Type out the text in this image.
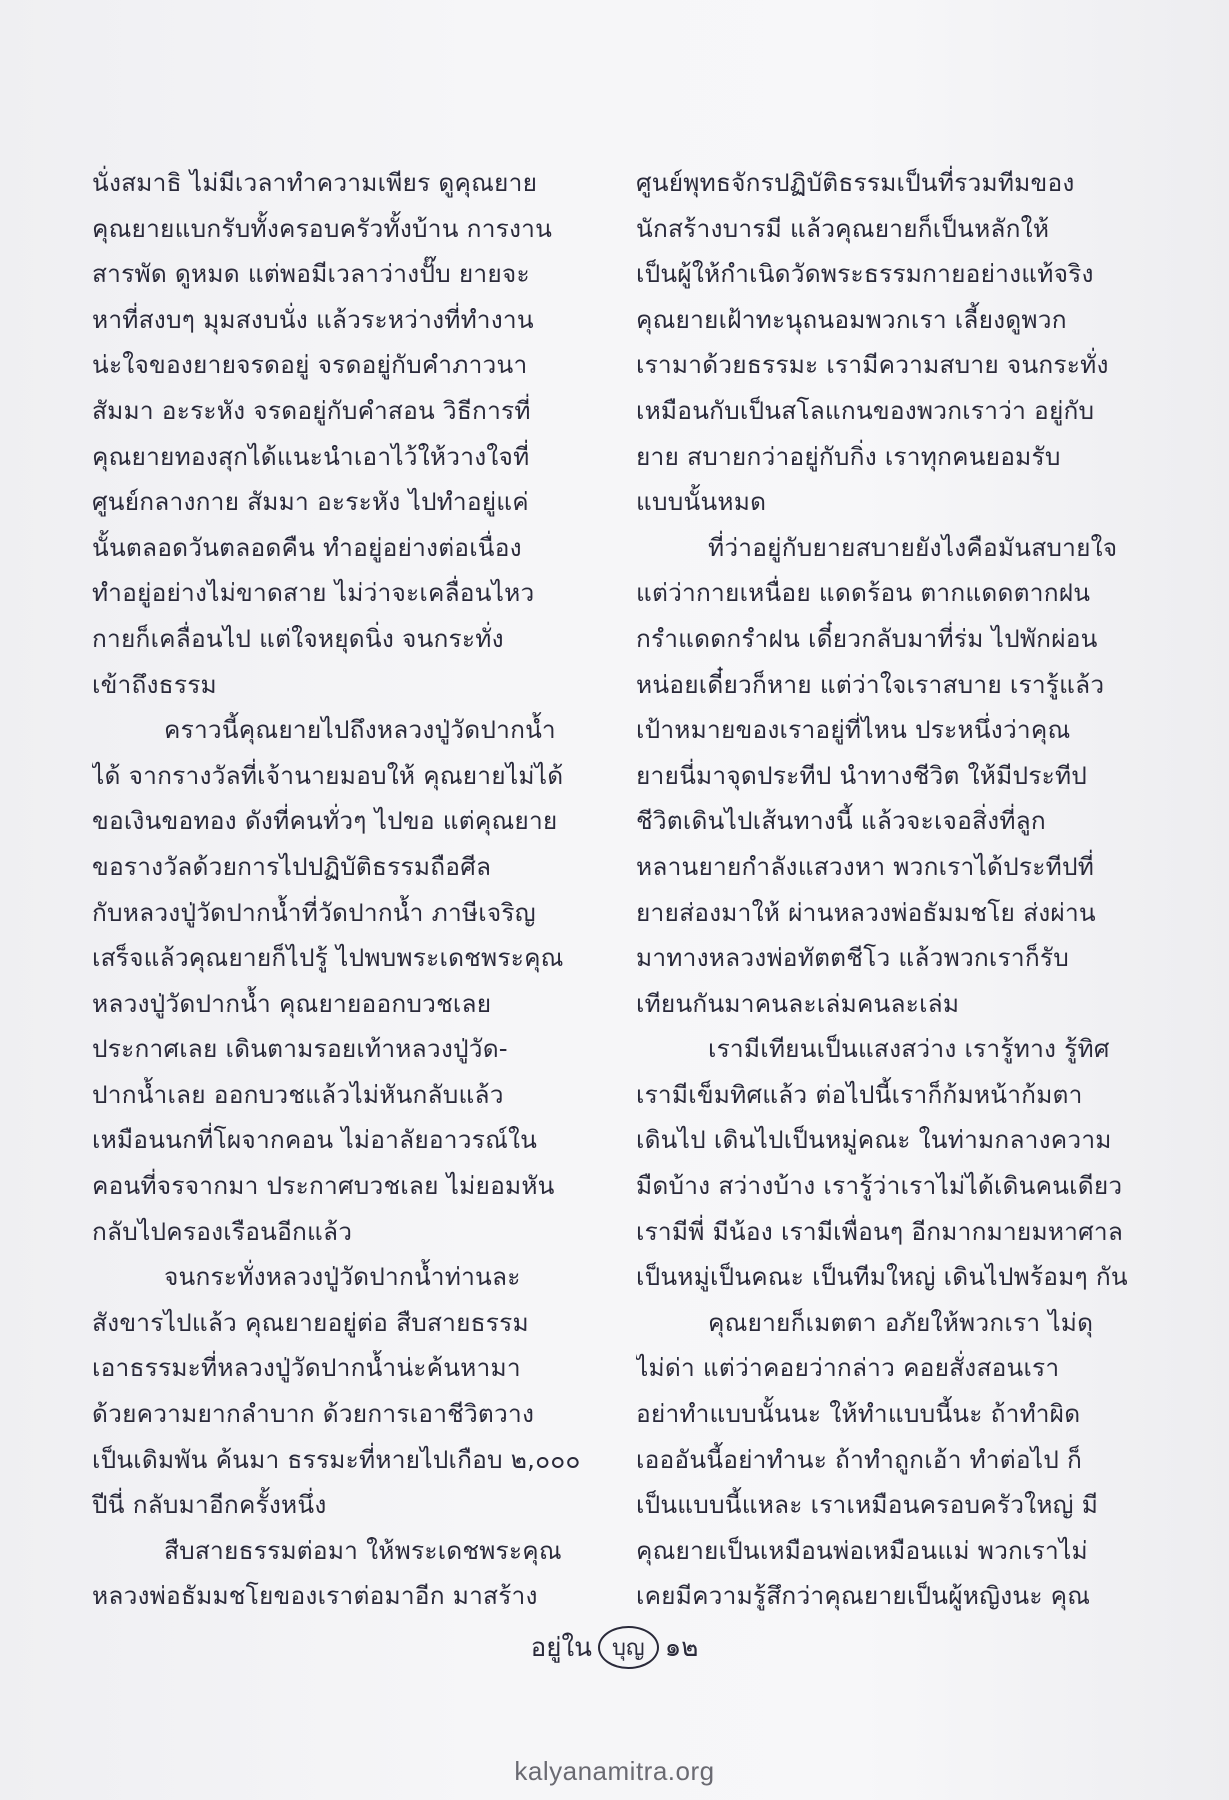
นั่งสมาธิ ไม่มีเวลาทำความเพียร ดูคุณยาย
คุณยายแบกรับทั้งครอบครัวทั้งบ้าน การงาน
สารพัด ดูหมด แต่พอมีเวลาว่างปั๊บ ยายจะ
หาที่สงบๆ มุมสงบนั่ง แล้วระหว่างที่ทำงาน
น่ะใจของยายจรดอยู่ จรดอยู่กับคำภาวนา
สัมมา อะระหัง จรดอยู่กับคำสอน วิธีการที่
คุณยายทองสุกได้แนะนำเอาไว้ให้วางใจที่
ศูนย์กลางกาย สัมมา อะระหัง ไปทำอยู่แค่
นั้นตลอดวันตลอดคืน ทำอยู่อย่างต่อเนื่อง
ทำอยู่อย่างไม่ขาดสาย ไม่ว่าจะเคลื่อนไหว
กายก็เคลื่อนไป แต่ใจหยุดนิ่ง จนกระทั่ง
เข้าถึงธรรม
คราวนี้คุณยายไปถึงหลวงปู่วัดปากน้ำ
ได้ จากรางวัลที่เจ้านายมอบให้ คุณยายไม่ได้
ขอเงินขอทอง ดังที่คนทั่วๆ ไปขอ แต่คุณยาย
ขอรางวัลด้วยการไปปฏิบัติธรรมถือศีล
กับหลวงปู่วัดปากน้ำที่วัดปากน้ำ ภาษีเจริญ
เสร็จแล้วคุณยายก็ไปรู้ ไปพบพระเดชพระคุณ
หลวงปู่วัดปากน้ำ คุณยายออกบวชเลย
ประกาศเลย เดินตามรอยเท้าหลวงปู่วัด-
ปากน้ำเลย ออกบวชแล้วไม่หันกลับแล้ว
เหมือนนกที่โผจากคอน ไม่อาลัยอาวรณ์ใน
คอนที่จรจากมา ประกาศบวชเลย ไม่ยอมหัน
กลับไปครองเรือนอีกแล้ว
จนกระทั่งหลวงปู่วัดปากน้ำท่านละ
สังขารไปแล้ว คุณยายอยู่ต่อ สืบสายธรรม
เอาธรรมะที่หลวงปู่วัดปากน้ำน่ะค้นหามา
ด้วยความยากลำบาก ด้วยการเอาชีวิตวาง
เป็นเดิมพัน ค้นมา ธรรมะที่หายไปเกือบ ๒,๐๐๐
ปีนี่ กลับมาอีกครั้งหนึ่ง
สืบสายธรรมต่อมา ให้พระเดชพระคุณ
หลวงพ่อธัมมชโยของเราต่อมาอีก มาสร้าง
ศูนย์พุทธจักรปฏิบัติธรรมเป็นที่รวมทีมของ
นักสร้างบารมี แล้วคุณยายก็เป็นหลักให้
เป็นผู้ให้กำเนิดวัดพระธรรมกายอย่างแท้จริง
คุณยายเฝ้าทะนุถนอมพวกเรา เลี้ยงดูพวก
เรามาด้วยธรรมะ เรามีความสบาย จนกระทั่ง
เหมือนกับเป็นสโลแกนของพวกเราว่า อยู่กับ
ยาย สบายกว่าอยู่กับกิ่ง เราทุกคนยอมรับ
แบบนั้นหมด
ที่ว่าอยู่กับยายสบายยังไงคือมันสบายใจ
แต่ว่ากายเหนื่อย แดดร้อน ตากแดดตากฝน
กรำแดดกรำฝน เดี๋ยวกลับมาที่ร่ม ไปพักผ่อน
หน่อยเดี๋ยวก็หาย แต่ว่าใจเราสบาย เรารู้แล้ว
เป้าหมายของเราอยู่ที่ไหน ประหนึ่งว่าคุณ
ยายนี่มาจุดประทีป นำทางชีวิต ให้มีประทีป
ชีวิตเดินไปเส้นทางนี้ แล้วจะเจอสิ่งที่ลูก
หลานยายกำลังแสวงหา พวกเราได้ประทีปที่
ยายส่องมาให้ ผ่านหลวงพ่อธัมมชโย ส่งผ่าน
มาทางหลวงพ่อทัตตชีโว แล้วพวกเราก็รับ
เทียนกันมาคนละเล่มคนละเล่ม
เรามีเทียนเป็นแสงสว่าง เรารู้ทาง รู้ทิศ
เรามีเข็มทิศแล้ว ต่อไปนี้เราก็ก้มหน้าก้มตา
เดินไป เดินไปเป็นหมู่คณะ ในท่ามกลางความ
มืดบ้าง สว่างบ้าง เรารู้ว่าเราไม่ได้เดินคนเดียว
เรามีพี่ มีน้อง เรามีเพื่อนๆ อีกมากมายมหาศาล
เป็นหมู่เป็นคณะ เป็นทีมใหญ่ เดินไปพร้อมๆ กัน
คุณยายก็เมตตา อภัยให้พวกเรา ไม่ดุ
ไม่ด่า แต่ว่าคอยว่ากล่าว คอยสั่งสอนเรา
อย่าทำแบบนั้นนะ ให้ทำแบบนี้นะ ถ้าทำผิด
เอออันนี้อย่าทำนะ ถ้าทำถูกเอ้า ทำต่อไป ก็
เป็นแบบนี้แหละ เราเหมือนครอบครัวใหญ่ มี
คุณยายเป็นเหมือนพ่อเหมือนแม่ พวกเราไม่
เคยมีความรู้สึกว่าคุณยายเป็นผู้หญิงนะ คุณ
อยู่ใน บุญ ๑๒
kalyanamitra.org
